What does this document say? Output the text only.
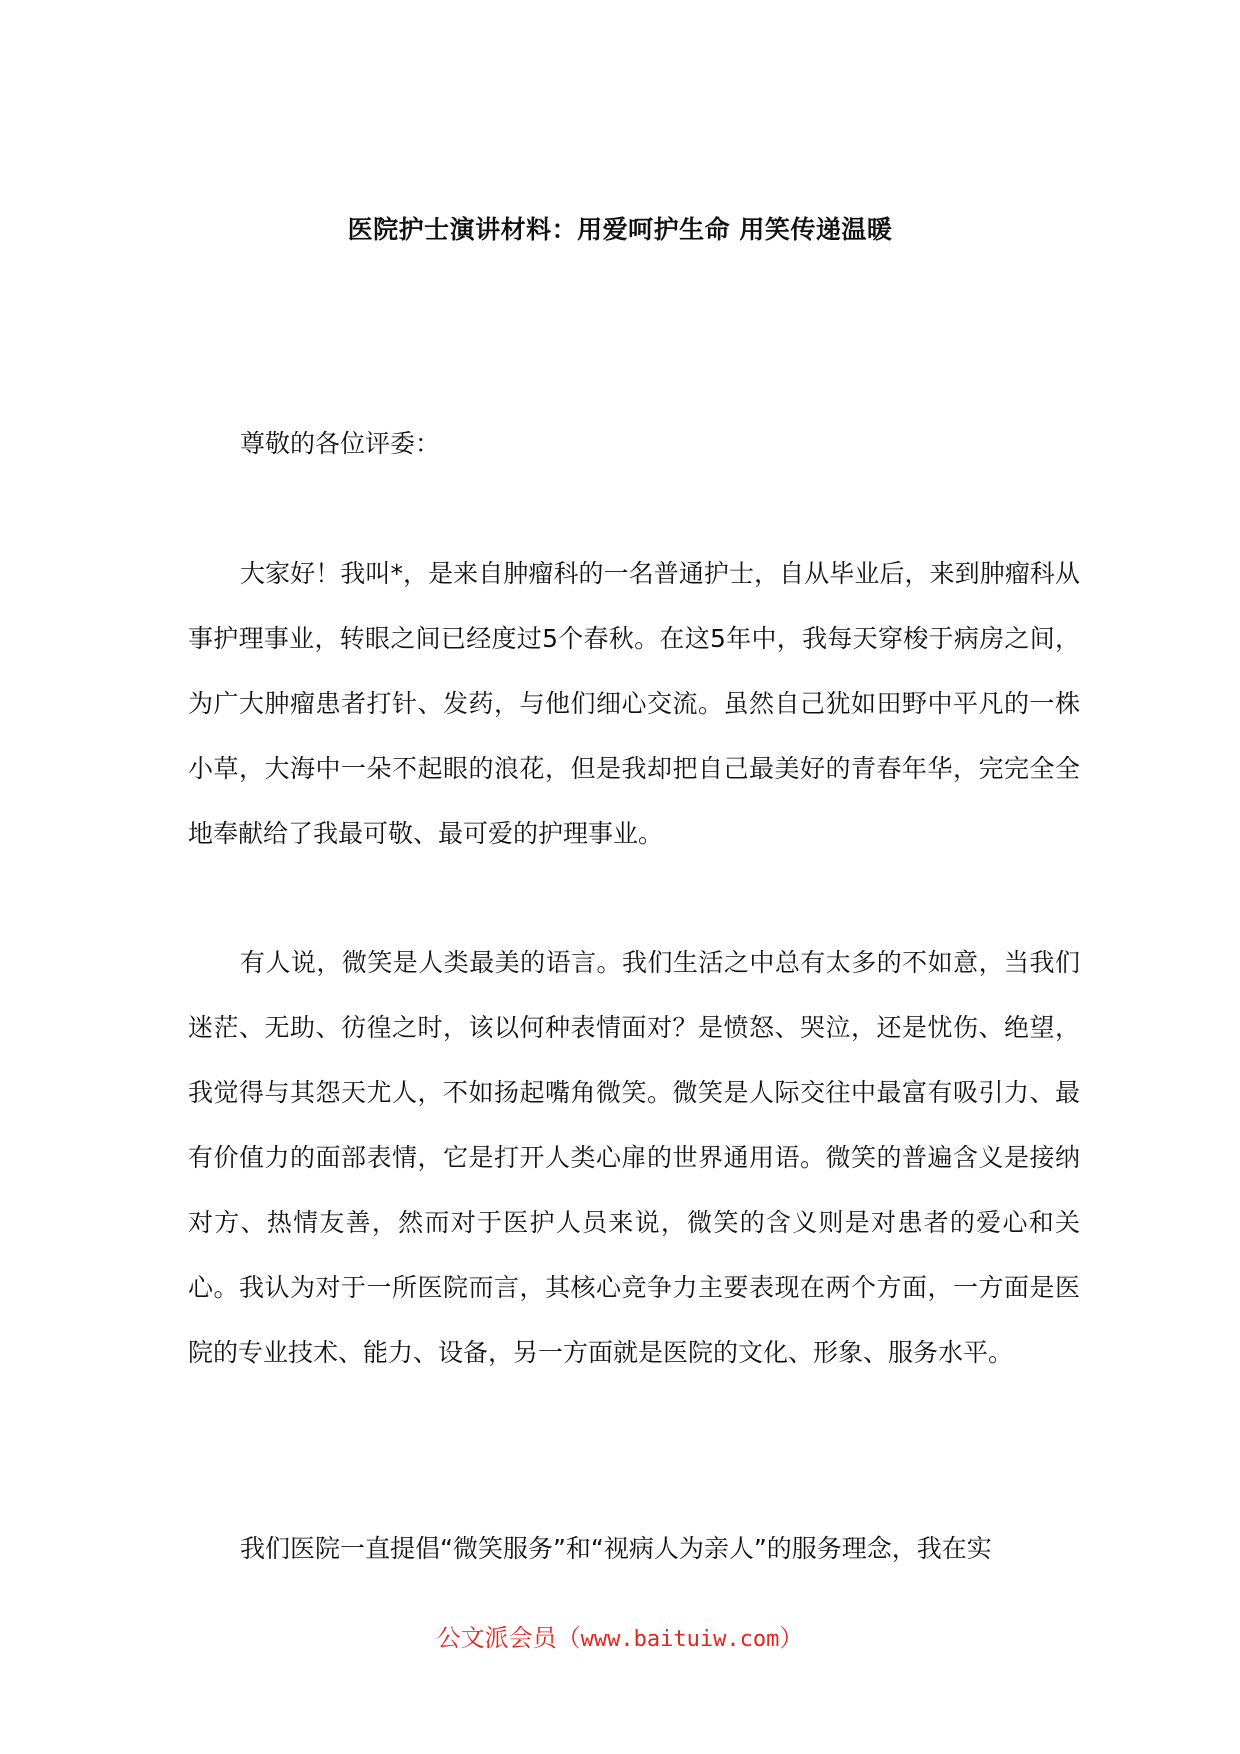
医院护士演讲材料：用爱呵护生命 用笑传递温暖

尊敬的各位评委：

大家好！我叫*，是来自肿瘤科的一名普通护士，自从毕业后，来到肿瘤科从事护理事业，转眼之间已经度过5个春秋。在这5年中，我每天穿梭于病房之间，为广大肿瘤患者打针、发药，与他们细心交流。虽然自己犹如田野中平凡的一株小草，大海中一朵不起眼的浪花，但是我却把自己最美好的青春年华，完完全全地奉献给了我最可敬、最可爱的护理事业。

有人说，微笑是人类最美的语言。我们生活之中总有太多的不如意，当我们迷茫、无助、彷徨之时，该以何种表情面对？是愤怒、哭泣，还是忧伤、绝望，我觉得与其怨天尤人，不如扬起嘴角微笑。微笑是人际交往中最富有吸引力、最有价值力的面部表情，它是打开人类心扉的世界通用语。微笑的普遍含义是接纳对方、热情友善，然而对于医护人员来说，微笑的含义则是对患者的爱心和关心。我认为对于一所医院而言，其核心竞争力主要表现在两个方面，一方面是医院的专业技术、能力、设备，另一方面就是医院的文化、形象、服务水平。

我们医院一直提倡“微笑服务”和“视病人为亲人”的服务理念，我在实

公文派会员（www.baituiw.com）
